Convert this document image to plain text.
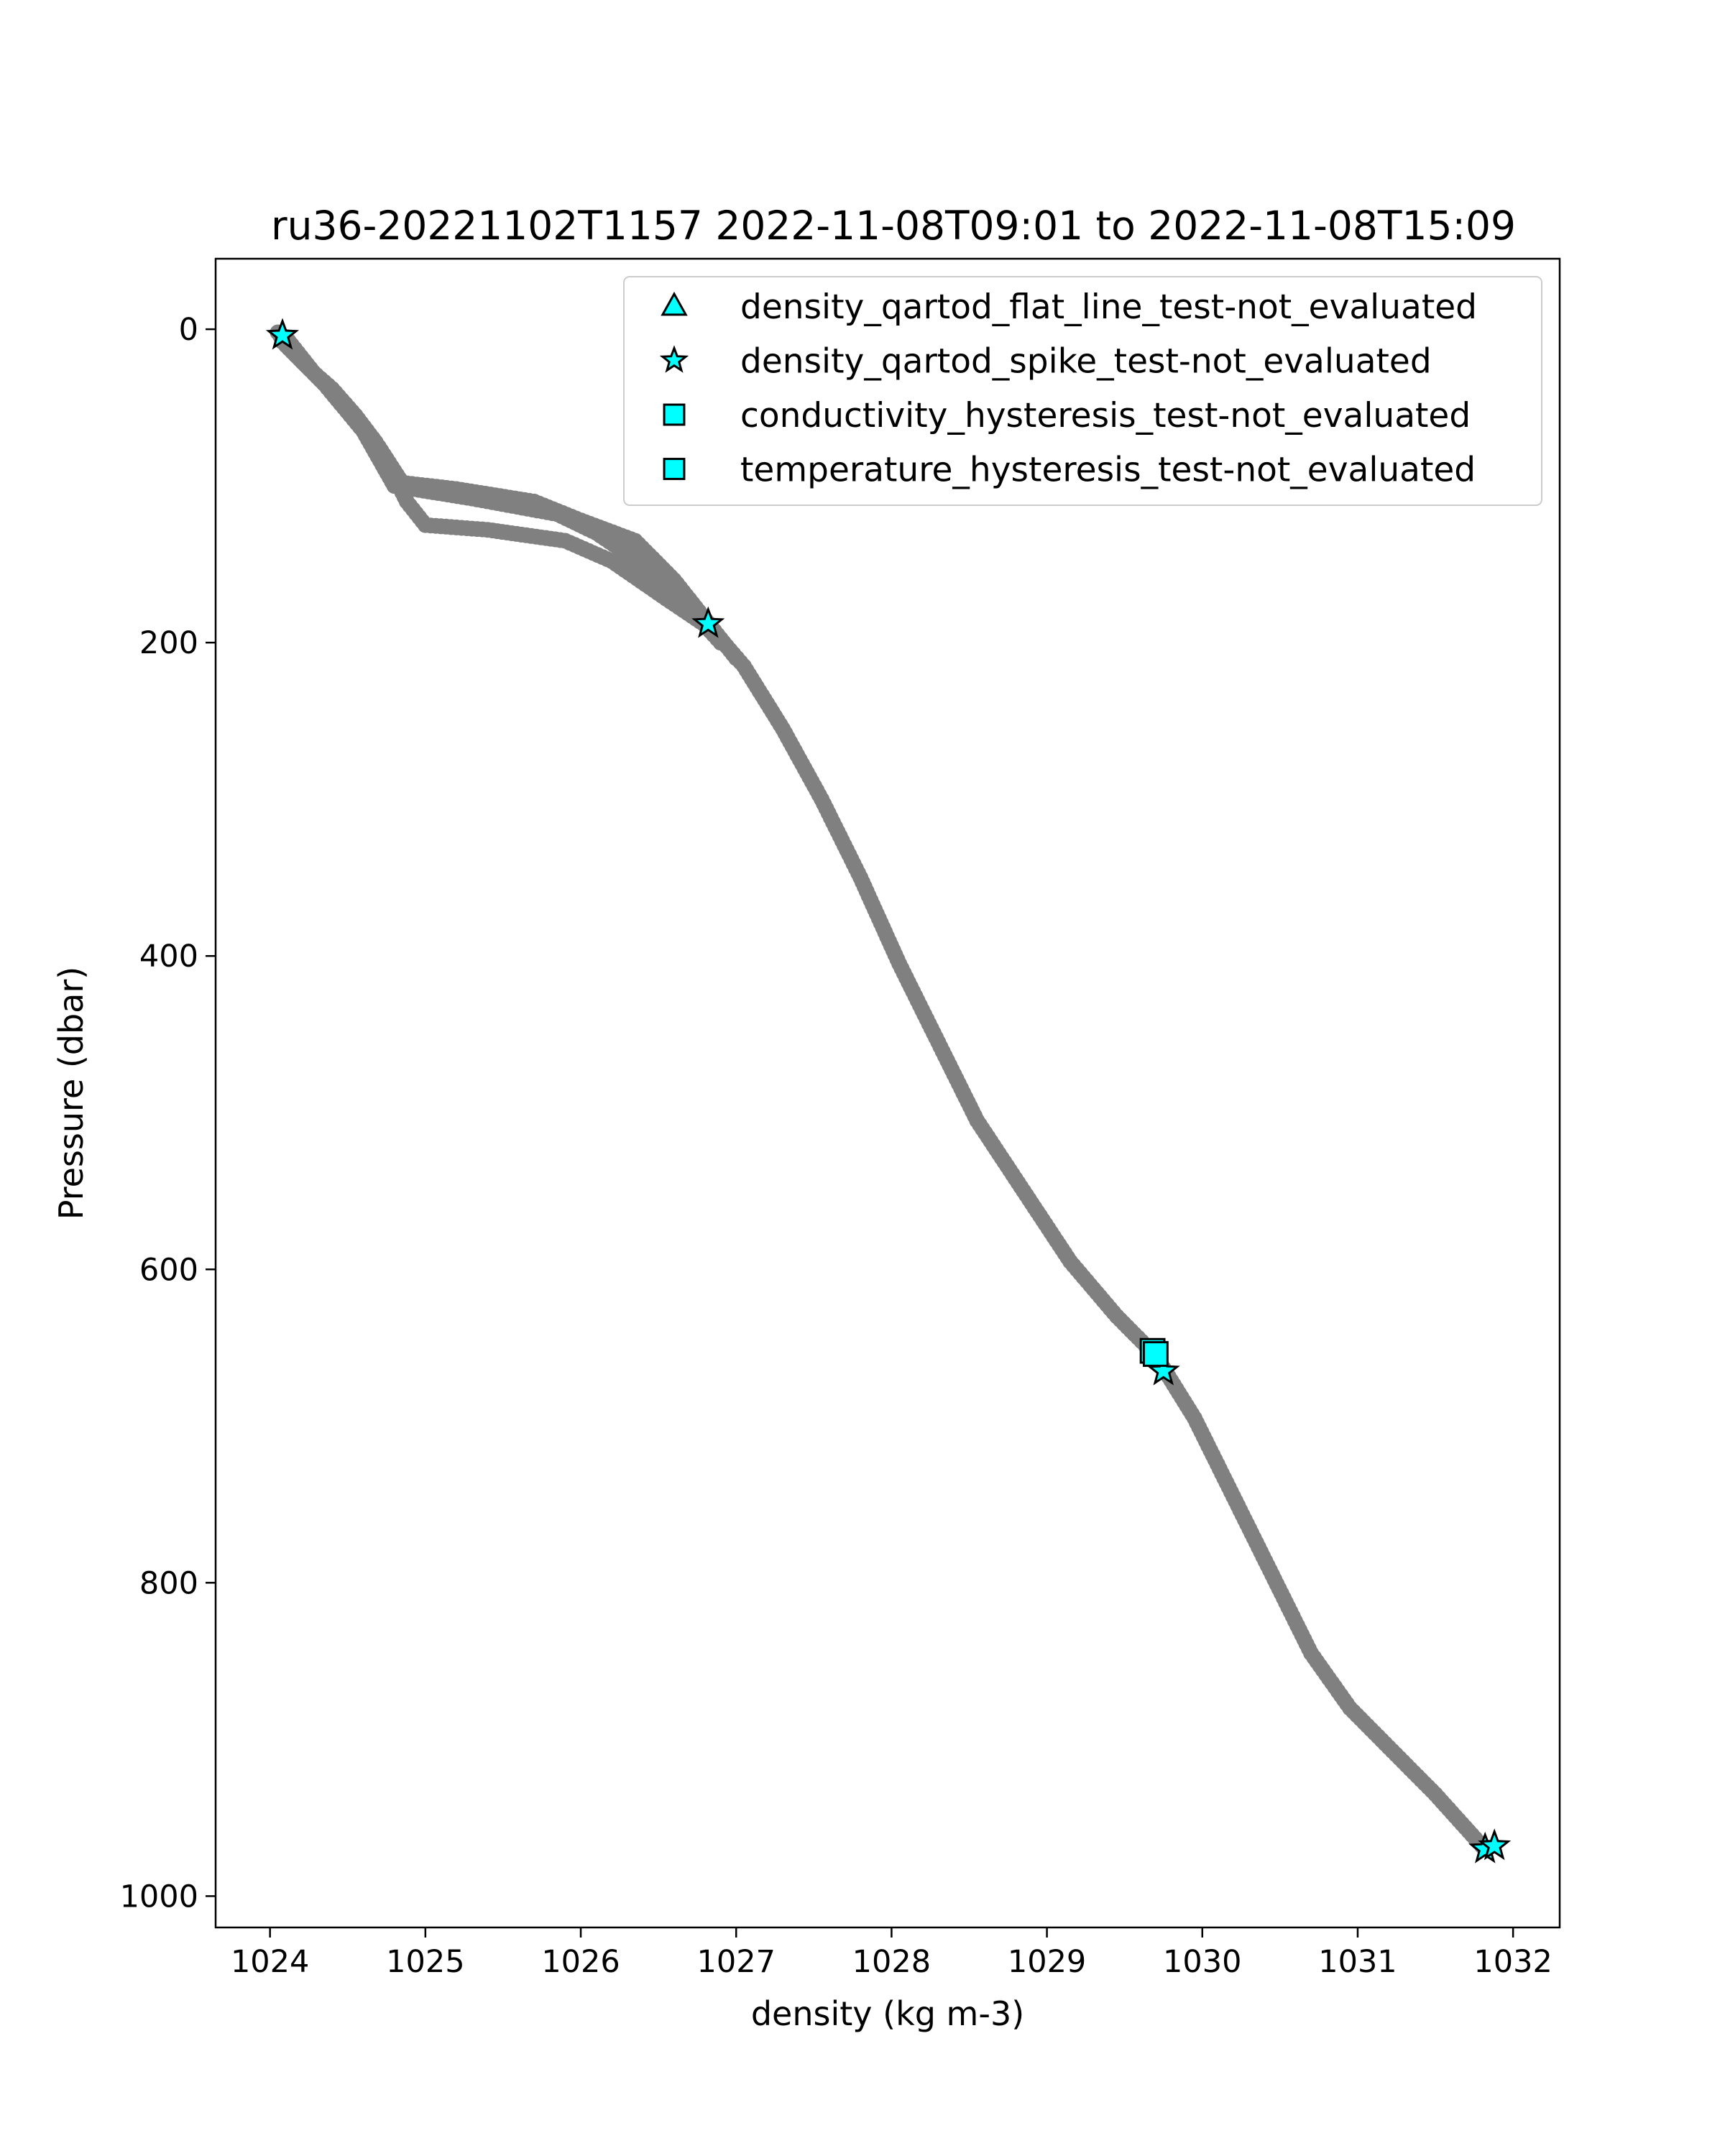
ru36-20221102T1157 2022-11-08T09:01 to 2022-11-08T15:09
1024 1025 1026 1027 1028 1029 1030 1031 1032
0
200
400
600
800
1000
density (kg m-3)
Pressure (dbar)
density_qartod_flat_line_test-not_evaluated
density_qartod_spike_test-not_evaluated
conductivity_hysteresis_test-not_evaluated
temperature_hysteresis_test-not_evaluated
